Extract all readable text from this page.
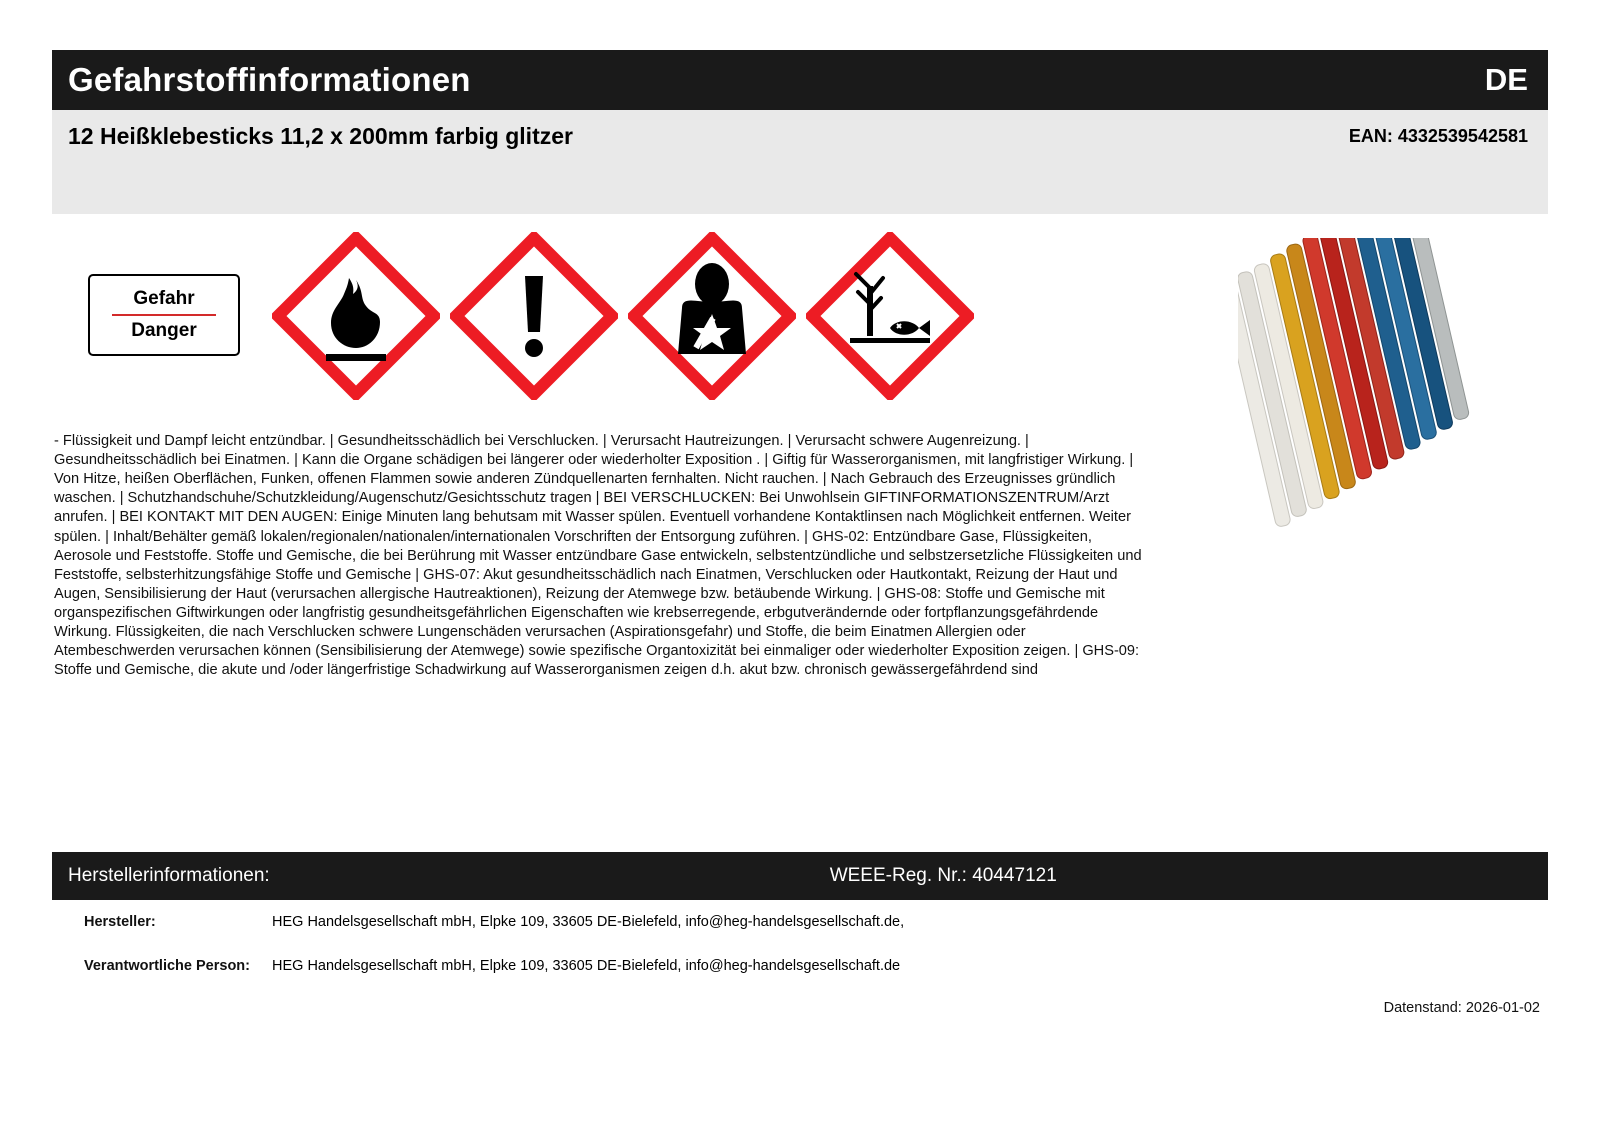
Gefahrstoffinformationen	DE
12 Heißklebesticks 11,2 x 200mm farbig glitzer	EAN: 4332539542581
Gefahr
Danger
- Flüssigkeit und Dampf leicht entzündbar. | Gesundheitsschädlich bei Verschlucken. | Verursacht Hautreizungen. | Verursacht schwere Augenreizung. | Gesundheitsschädlich bei Einatmen. | Kann die Organe schädigen bei längerer oder wiederholter Exposition . | Giftig für Wasserorganismen, mit langfristiger Wirkung. | Von Hitze, heißen Oberflächen, Funken, offenen Flammen sowie anderen Zündquellenarten fernhalten. Nicht rauchen. | Nach Gebrauch des Erzeugnisses gründlich waschen. | Schutzhandschuhe/Schutzkleidung/Augenschutz/Gesichtsschutz tragen | BEI VERSCHLUCKEN: Bei Unwohlsein GIFTINFORMATIONSZENTRUM/Arzt anrufen. | BEI KONTAKT MIT DEN AUGEN: Einige Minuten lang behutsam mit Wasser spülen. Eventuell vorhandene Kontaktlinsen nach Möglichkeit entfernen. Weiter spülen. | Inhalt/Behälter gemäß lokalen/regionalen/nationalen/internationalen Vorschriften der Entsorgung zuführen. | GHS-02: Entzündbare Gase, Flüssigkeiten, Aerosole und Feststoffe. Stoffe und Gemische, die bei Berührung mit Wasser entzündbare Gase entwickeln, selbstentzündliche und selbstzersetzliche Flüssigkeiten und Feststoffe, selbsterhitzungsfähige Stoffe und Gemische | GHS-07: Akut gesundheitsschädlich nach Einatmen, Verschlucken oder Hautkontakt, Reizung der Haut und Augen, Sensibilisierung der Haut (verursachen allergische Hautreaktionen), Reizung der Atemwege bzw. betäubende Wirkung. | GHS-08: Stoffe und Gemische mit organspezifischen Giftwirkungen oder langfristig gesundheitsgefährlichen Eigenschaften wie krebserregende, erbgutverändernde oder fortpflanzungsgefährdende Wirkung. Flüssigkeiten, die nach Verschlucken schwere Lungenschäden verursachen (Aspirationsgefahr) und Stoffe, die beim Einatmen Allergien oder Atembeschwerden verursachen können (Sensibilisierung der Atemwege) sowie spezifische Organtoxizität bei einmaliger oder wiederholter Exposition zeigen. | GHS-09: Stoffe und Gemische, die akute und /oder längerfristige Schadwirkung auf Wasserorganismen zeigen d.h. akut bzw. chronisch gewässergefährdend sind
Herstellerinformationen:	WEEE-Reg. Nr.: 40447121
Hersteller:	HEG Handelsgesellschaft mbH, Elpke 109, 33605 DE-Bielefeld, info@heg-handelsgesellschaft.de,
Verantwortliche Person: HEG Handelsgesellschaft mbH, Elpke 109, 33605 DE-Bielefeld, info@heg-handelsgesellschaft.de
Datenstand: 2026-01-02
